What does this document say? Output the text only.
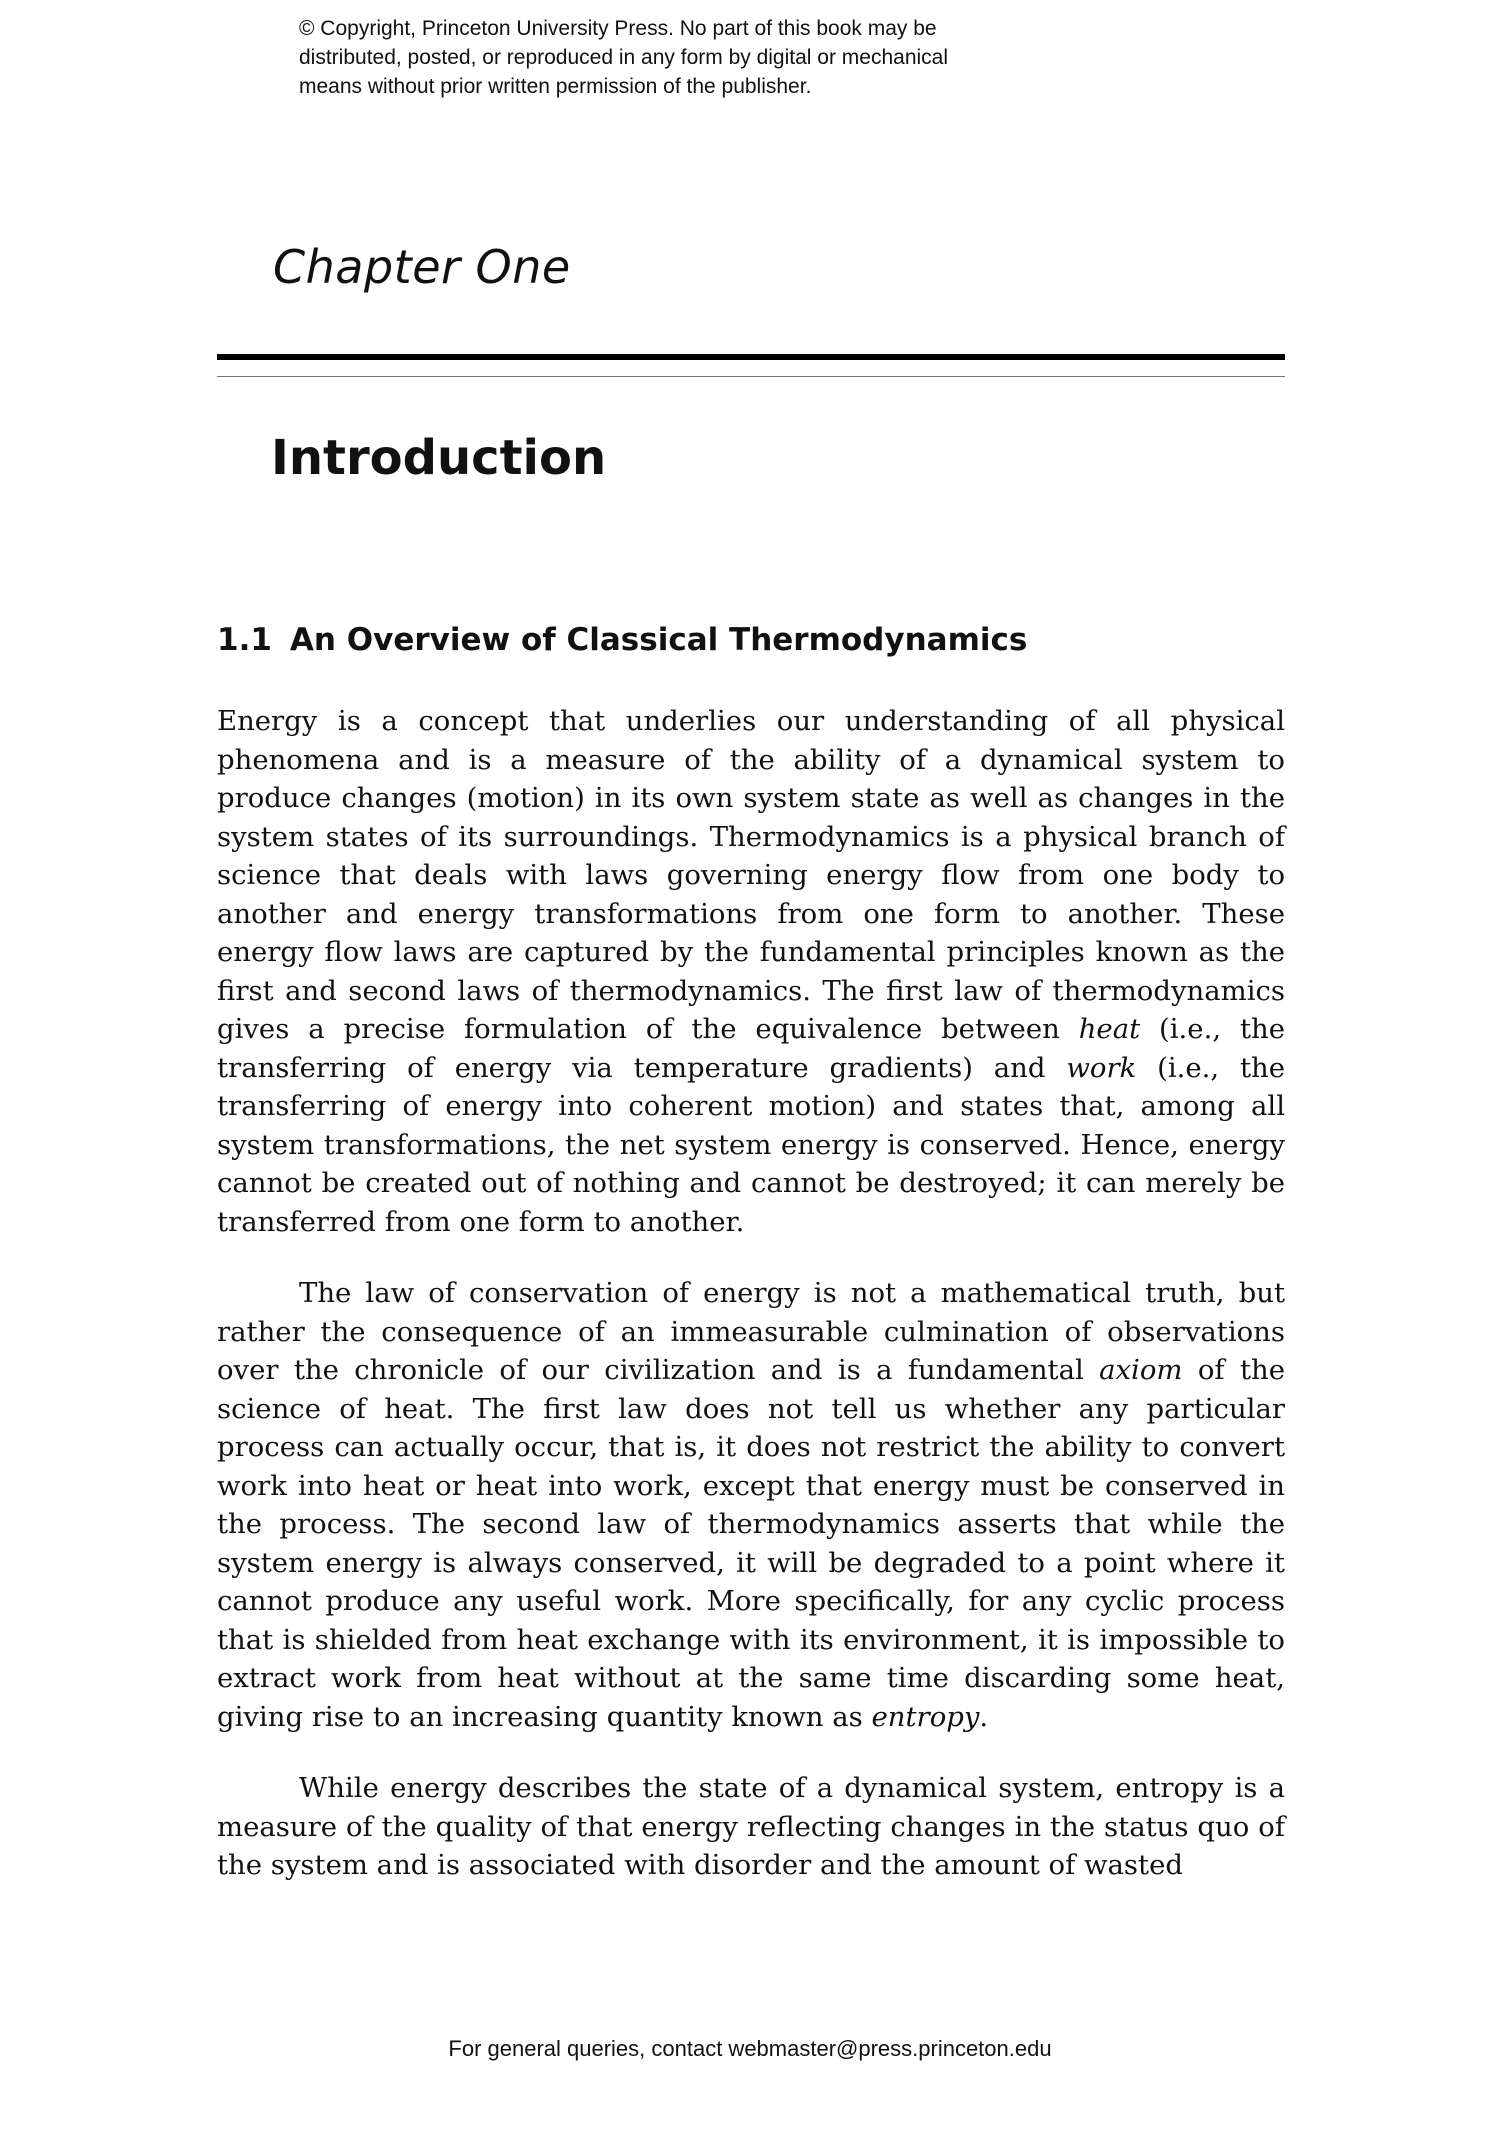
© Copyright, Princeton University Press. No part of this book may be

distributed, posted, or reproduced in any form by digital or mechanical

means without prior written permission of the publisher.

Chapter One
Introduction
1.1 An Overview of Classical Thermodynamics

Energy is a concept that underlies our understanding of all physical phenomena and is a measure of the ability of a dynamical system to produce changes (motion) in its own system state as well as changes in the system states of its surroundings. Thermodynamics is a physical branch of science that deals with laws governing energy flow from one body to another and energy transformations from one form to another. These energy flow laws are captured by the fundamental principles known as the first and second laws of thermodynamics. The first law of thermodynamics gives a precise formulation of the equivalence between heat (i.e., the transferring of energy via temperature gradients) and work (i.e., the transferring of energy into coherent motion) and states that, among all system transformations, the net system energy is conserved. Hence, energy cannot be created out of nothing and cannot be destroyed; it can merely be transferred from one form to another.

The law of conservation of energy is not a mathematical truth, but rather the consequence of an immeasurable culmination of observations over the chronicle of our civilization and is a fundamental axiom of the science of heat. The first law does not tell us whether any particular process can actually occur, that is, it does not restrict the ability to convert work into heat or heat into work, except that energy must be conserved in the process. The second law of thermodynamics asserts that while the system energy is always conserved, it will be degraded to a point where it cannot produce any useful work. More specifically, for any cyclic process that is shielded from heat exchange with its environment, it is impossible to extract work from heat without at the same time discarding some heat, giving rise to an increasing quantity known as entropy.

While energy describes the state of a dynamical system, entropy is a measure of the quality of that energy reflecting changes in the status quo of the system and is associated with disorder and the amount of wasted

For general queries, contact webmaster@press.princeton.edu
